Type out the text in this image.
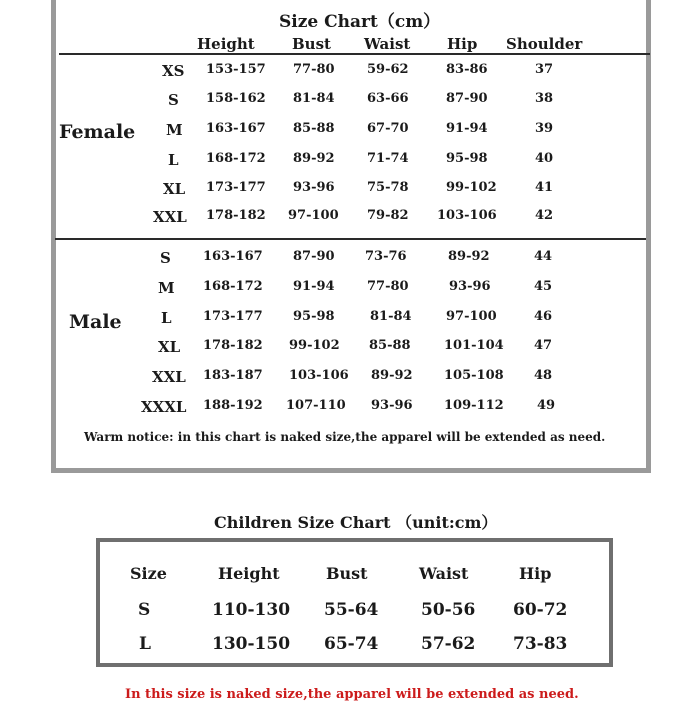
Size Chart（cm）
Height Bust Waist Hip Shoulder
Female
XS 153-157 77-80 59-62	83-86	37
S 158-162 81-84 63-66	87-90	38
M 163-167 85-88 67-70	91-94	39
L 168-172 89-92 71-74	95-98	40
XL 173-177 93-96 75-78	99-102	41
XXL 178-182 97-100 79-82 103-106	42
Male
S 163-167 87-90 73-76	89-92	44
M 168-172 91-94 77-80	93-96	45
L 173-177 95-98	81-84	97-100	46
XL 178-182 99-102 85-88	101-104 47
XXL 183-187 103-106 89-92 105-108 48
XXXL 188-192 107-110 93-96 109-112	49
Warm notice: in this chart is naked size,the apparel will be extended as need.
Children Size Chart （unit:cm）
Size	Height	Bust	Waist	Hip
S	110-130 55-64	50-56 60-72
L	130-150 65-74	57-62 73-83
In this size is naked size,the apparel will be extended as need.
